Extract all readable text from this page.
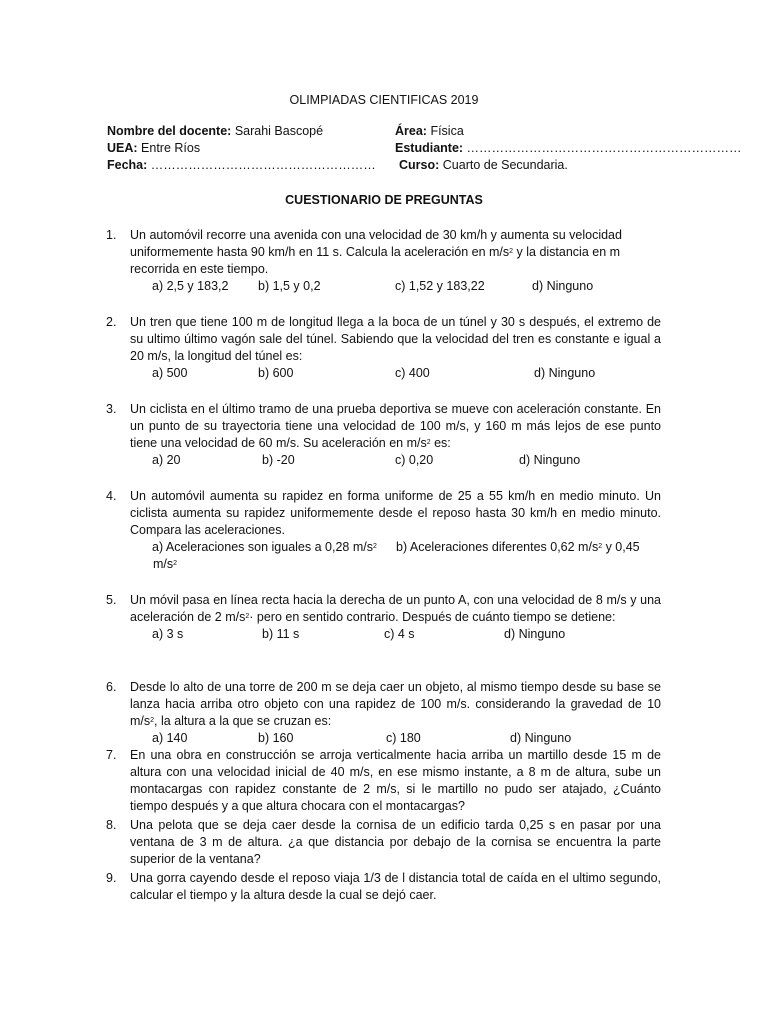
OLIMPIADAS CIENTIFICAS 2019
Nombre del docente: Sarahi Bascopé
UEA: Entre Ríos
Fecha: ………………………………………………
Área: Física
Estudiante: …………………………………………………………
Curso: Cuarto de Secundaria.
CUESTIONARIO DE PREGUNTAS
1. Un automóvil recorre una avenida con una velocidad de 30 km/h y aumenta su velocidad uniformemente hasta 90 km/h en 11 s. Calcula la aceleración en $m/s^2$ y la distancia en m recorrida en este tiempo.
a) 2,5 y 183,2 b) 1,5 y 0,2	c) 1,52 y 183,22	d) Ninguno
2. Un tren que tiene 100 m de longitud llega a la boca de un túnel y 30 s después, el extremo de su ultimo último vagón sale del túnel. Sabiendo que la velocidad del tren es constante e igual a 20 m/s, la longitud del túnel es:
a) 500	b) 600	c) 400	d) Ninguno
3. Un ciclista en el último tramo de una prueba deportiva se mueve con aceleración constante. En un punto de su trayectoria tiene una velocidad de 100 m/s, y 160 m más lejos de ese punto tiene una velocidad de 60 m/s. Su aceleración en $m/s^2$ es:
a) 20	b) -20	c) 0,20	d) Ninguno
4. Un automóvil aumenta su rapidez en forma uniforme de 25 a 55 km/h en medio minuto. Un ciclista aumenta su rapidez uniformemente desde el reposo hasta 30 km/h en medio minuto. Compara las aceleraciones.
a) Aceleraciones son iguales a 0,28 $m/s^2$ b) Aceleraciones diferentes 0,62 $m/s^2$ y 0,45
$m/s^2$
5. Un móvil pasa en línea recta hacia la derecha de un punto A, con una velocidad de 8 m/s y una aceleración de 2 $m/s^2\cdot$ pero en sentido contrario. Después de cuánto tiempo se detiene:
a) 3 s	b) 11 s	c) 4 s	d) Ninguno
6. Desde lo alto de una torre de 200 m se deja caer un objeto, al mismo tiempo desde su base se lanza hacia arriba otro objeto con una rapidez de 100 m/s. considerando la gravedad de 10 $m/s^2$, la altura a la que se cruzan es:
a) 140	b) 160	c) 180	d) Ninguno
7. En una obra en construcción se arroja verticalmente hacia arriba un martillo desde 15 m de altura con una velocidad inicial de 40 m/s, en ese mismo instante, a 8 m de altura, sube un montacargas con rapidez constante de 2 m/s, si le martillo no pudo ser atajado, ¿Cuánto tiempo después y a que altura chocara con el montacargas?
8. Una pelota que se deja caer desde la cornisa de un edificio tarda 0,25 s en pasar por una ventana de 3 m de altura. ¿a que distancia por debajo de la cornisa se encuentra la parte superior de la ventana?
9. Una gorra cayendo desde el reposo viaja 1/3 de l distancia total de caída en el ultimo segundo, calcular el tiempo y la altura desde la cual se dejó caer.
